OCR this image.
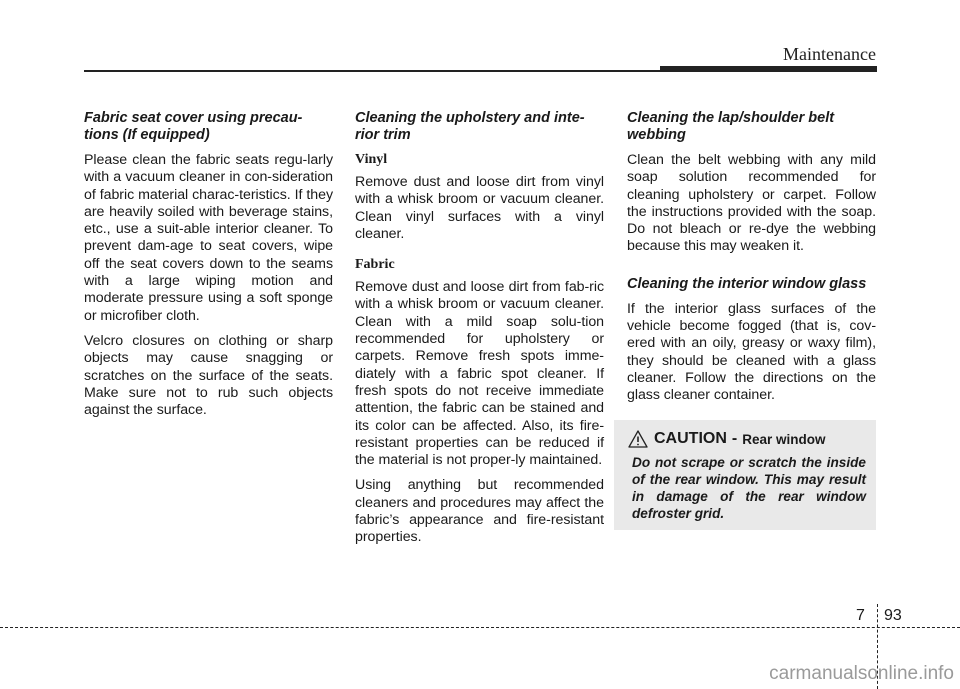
Maintenance
Fabric seat cover using precau-tions (If equipped)

Please clean the fabric seats regu-larly with a vacuum cleaner in con-sideration of fabric material charac-teristics. If they are heavily soiled with beverage stains, etc., use a suit-able interior cleaner. To prevent dam-age to seat covers, wipe off the seat covers down to the seams with a large wiping motion and moderate pressure using a soft sponge or microfiber cloth.

Velcro closures on clothing or sharp objects may cause snagging or scratches on the surface of the seats. Make sure not to rub such objects against the surface.

Cleaning the upholstery and inte-rior trim
Vinyl

Remove dust and loose dirt from vinyl with a whisk broom or vacuum cleaner. Clean vinyl surfaces with a vinyl cleaner.

Fabric

Remove dust and loose dirt from fab-ric with a whisk broom or vacuum cleaner. Clean with a mild soap solu-tion recommended for upholstery or carpets. Remove fresh spots imme-diately with a fabric spot cleaner. If fresh spots do not receive immediate attention, the fabric can be stained and its color can be affected. Also, its fire-resistant properties can be reduced if the material is not proper-ly maintained.

Using anything but recommended cleaners and procedures may affect the fabric’s appearance and fire-resistant properties.

Cleaning the lap/shoulder belt webbing

Clean the belt webbing with any mild soap solution recommended for cleaning upholstery or carpet. Follow the instructions provided with the soap. Do not bleach or re-dye the webbing because this may weaken it.

Cleaning the interior window glass

If the interior glass surfaces of the vehicle become fogged (that is, cov-ered with an oily, greasy or waxy film), they should be cleaned with a glass cleaner. Follow the directions on the glass cleaner container.

CAUTION - Rear window

Do not scrape or scratch the inside of the rear window. This may result in damage of the rear window defroster grid.

7 93
carmanualsonline.info
